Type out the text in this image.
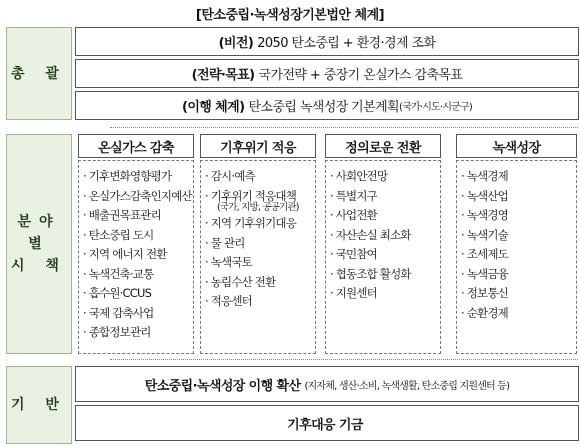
[탄소중립·녹색성장기본법안 체계]
총 괄
(비전) 2050 탄소중립 + 환경·경제 조화
(전략·목표) 국가전략 + 중장기 온실가스 감축목표
(이행 체계) 탄소중립 녹색성장 기본계획 (국가·시도·시군구)
분야별
시 책
온실가스 감축	기후위기 적응	정의로운 전환	녹색성장
· 기후변화영향평가
· 온실가스감축인지예산
· 배출권목표관리
· 탄소중립 도시
· 지역 에너지 전환
· 녹색건축·교통
· 흡수원·CCUS
· 국제 감축사업
· 종합정보관리
· 감시·예측
· 기후위기 적응대책
(국가, 지방, 공공기관)
· 지역 기후위기대응
· 물 관리
· 녹색국토
· 농림수산 전환
· 적응센터
· 사회안전망
· 특별지구
· 사업전환
· 자산손실 최소화
· 국민참여
· 협동조합 활성화
· 지원센터
· 녹색경제
· 녹색산업
· 녹색경영
· 녹색기술
· 조세제도
· 녹색금융
· 정보통신
· 순환경제
기 반
탄소중립·녹색성장 이행 확산 (지자체, 생산·소비, 녹색생활, 탄소중립 지원센터 등)
기후대응 기금
